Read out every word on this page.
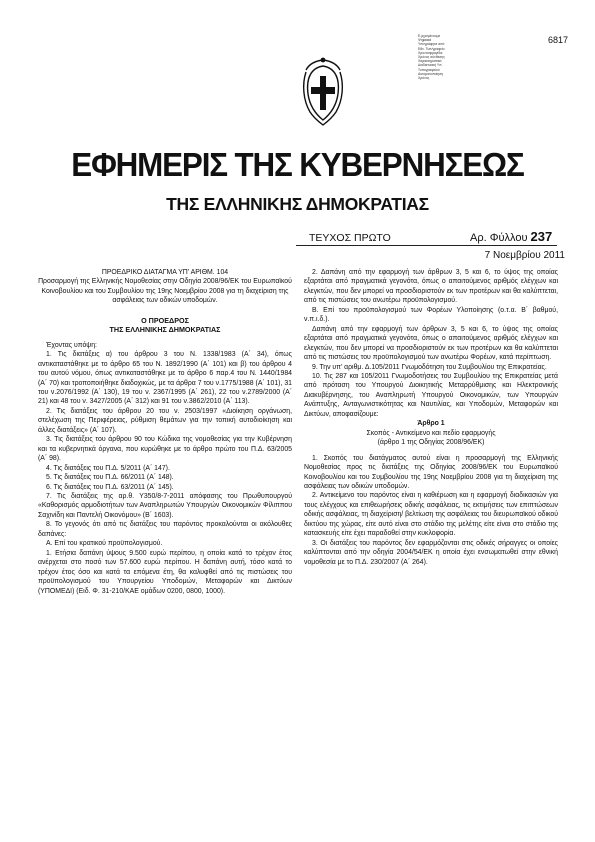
Ε.ρχισμένουμε
Ψηφιακά
Υπογράφηκε από
Εθν. Τυπ/γραφείο
Χρονοσφραγίδα:
Χρόνος σύνθεσης
Χαρακτηριστικά
Διαδικτυακή Υπ.
Τυπογραφείου
Αυτοματοποίηση
Χρόνος
6817
ΕΦΗΜΕΡΙΣ ΤΗΣ ΚΥΒΕΡΝΗΣΕΩΣ
ΤΗΣ ΕΛΛΗΝΙΚΗΣ ΔΗΜΟΚΡΑΤΙΑΣ
ΤΕΥΧΟΣ ΠΡΩΤΟ	Αρ. Φύλλου 237
7 Νοεμβρίου 2011

ΠΡΟΕΔΡΙΚΟ ΔΙΑΤΑΓΜΑ ΥΠ’ ΑΡΙΘΜ. 104

Προσαρμογή της Ελληνικής Νομοθεσίας στην Οδηγία 2008/96/ΕΚ του Ευρωπαϊκού Κοινοβουλίου και του Συμβουλίου της 19ης Νοεμβρίου 2008 για τη διαχείριση της ασφάλειας των οδικών υποδομών.

Ο ΠΡΟΕΔΡΟΣ

ΤΗΣ ΕΛΛΗΝΙΚΗΣ ΔΗΜΟΚΡΑΤΙΑΣ

Έχοντας υπόψη:

1. Τις διατάξεις α) του άρθρου 3 του Ν. 1338/1983 (Α΄ 34), όπως αντικαταστάθηκε με το άρθρο 65 του Ν. 1892/1990 (Α΄ 101) και β) του άρθρου 4 του αυτού νόμου, όπως αντικαταστάθηκε με το άρθρο 6 παρ.4 του Ν. 1440/1984 (Α΄ 70) και τροποποιήθηκε διαδοχικώς, με τα άρθρα 7 του ν.1775/1988 (Α΄ 101), 31 του ν.2076/1992 (Α΄ 130), 19 του ν. 2367/1995 (Α΄ 261), 22 του ν.2789/2000 (Α΄ 21) και 48 του ν. 3427/2005 (Α΄ 312) και 91 του ν.3862/2010 (Α΄ 113).

2. Τις διατάξεις του άρθρου 20 του ν. 2503/1997 «Διοίκηση οργάνωση, στελέχωση της Περιφέρειας, ρύθμιση θεμάτων για την τοπική αυτοδιοίκηση και άλλες διατάξεις» (Α΄ 107).

3. Τις διατάξεις του άρθρου 90 του Κώδικα της νομοθεσίας για την Κυβέρνηση και τα κυβερνητικά όργανα, που κυρώθηκε με το άρθρο πρώτο του Π.Δ. 63/2005 (Α΄ 98).

4. Τις διατάξεις του Π.Δ. 5/2011 (Α΄ 147).

5. Τις διατάξεις του Π.Δ. 66/2011 (Α΄ 148).

6. Τις διατάξεις του Π.Δ. 63/2011 (Α΄ 145).

7. Τις διατάξεις της αρ.θ. Υ350/8-7-2011 απόφασης του Πρωθυπουργού «Καθορισμός αρμοδιοτήτων των Αναπληρωτών Υπουργών Οικονομικών Φίλιππου Σαχινίδη και Παντελή Οικονόμου» (Β΄ 1603).

8. Το γεγονός ότι από τις διατάξεις του παρόντος προκαλούνται οι ακόλουθες δαπάνες:

Α. Επί του κρατικού προϋπολογισμού.

1. Ετήσια δαπάνη ύψους 9.500 ευρώ περίπου, η οποία κατά το τρέχον έτος ανέρχεται στο ποσό των 57.600 ευρώ περίπου. Η δαπάνη αυτή, τόσο κατά το τρέχον έτος όσο και κατά τα επόμενα έτη, θα καλυφθεί από τις πιστώσεις του προϋπολογισμού του Υπουργείου Υποδομών, Μεταφορών και Δικτύων (ΥΠΟΜΕΔΙ) (Ειδ. Φ. 31-210/ΚΑΕ ομάδων 0200, 0800, 1000).

2. Δαπάνη από την εφαρμογή των άρθρων 3, 5 και 6, το ύψος της οποίας εξαρτάται από πραγματικά γεγονότα, όπως ο απαιτούμενος αριθμός ελέγχων και ελεγκτών, που δεν μπορεί να προσδιοριστούν εκ των προτέρων και θα καλύπτεται, από τις πιστώσεις του ανωτέρω προϋπολογισμού.

Β. Επί του προϋπολογισμού των Φορέων Υλοποίησης (ο.τ.α. Β΄ βαθμού, ν.π.ι.δ.).

Δαπάνη από την εφαρμογή των άρθρων 3, 5 και 6, το ύψος της οποίας εξαρτάται από πραγματικά γεγονότα, όπως ο απαιτούμενος αριθμός ελέγχων και ελεγκτών, που δεν μπορεί να προσδιοριστούν εκ των προτέρων και θα καλύπτεται από τις πιστώσεις του προϋπολογισμού των ανωτέρω Φορέων, κατά περίπτωση.

9. Την υπ’ αριθμ. Δ.105/2011 Γνωμοδότηση του Συμβουλίου της Επικρατείας.

10. Τις 287 και 105/2011 Γνωμοδοτήσεις του Συμβουλίου της Επικρατείας μετά από πρόταση του Υπουργού Διοικητικής Μεταρρύθμισης και Ηλεκτρονικής Διακυβέρνησης, του Αναπληρωτή Υπουργού Οικονομικών, των Υπουργών Ανάπτυξης, Ανταγωνιστικότητας και Ναυτιλίας, και Υποδομών, Μεταφορών και Δικτύων, αποφασίζουμε:

Άρθρο 1

Σκοπός - Αντικείμενο και πεδίο εφαρμογής

(άρθρο 1 της Οδηγίας 2008/96/ΕΚ)

1. Σκοπός του διατάγματος αυτού είναι η προσαρμογή της Ελληνικής Νομοθεσίας προς τις διατάξεις της Οδηγίας 2008/96/ΕΚ του Ευρωπαϊκού Κοινοβουλίου και του Συμβουλίου της 19ης Νοεμβρίου 2008 για τη διαχείριση της ασφάλειας των οδικών υποδομών.

2. Αντικείμενο του παρόντος είναι η καθιέρωση και η εφαρμογή διαδικασιών για τους ελέγχους και επιθεωρήσεις οδικής ασφάλειας, τις εκτιμήσεις των επιπτώσεων οδικής ασφάλειας, τη διαχείριση/ βελτίωση της ασφάλειας του διευρωπαϊκού οδικού δικτύου της χώρας, είτε αυτό είναι στο στάδιο της μελέτης είτε είναι στο στάδιο της κατασκευής είτε έχει παραδοθεί στην κυκλοφορία.

3. Οι διατάξεις του παρόντος δεν εφαρμόζονται στις οδικές σήραγγες οι οποίες καλύπτονται από την οδηγία 2004/54/ΕΚ η οποία έχει ενσωματωθεί στην εθνική νομοθεσία με το Π.Δ. 230/2007 (Α΄ 264).
